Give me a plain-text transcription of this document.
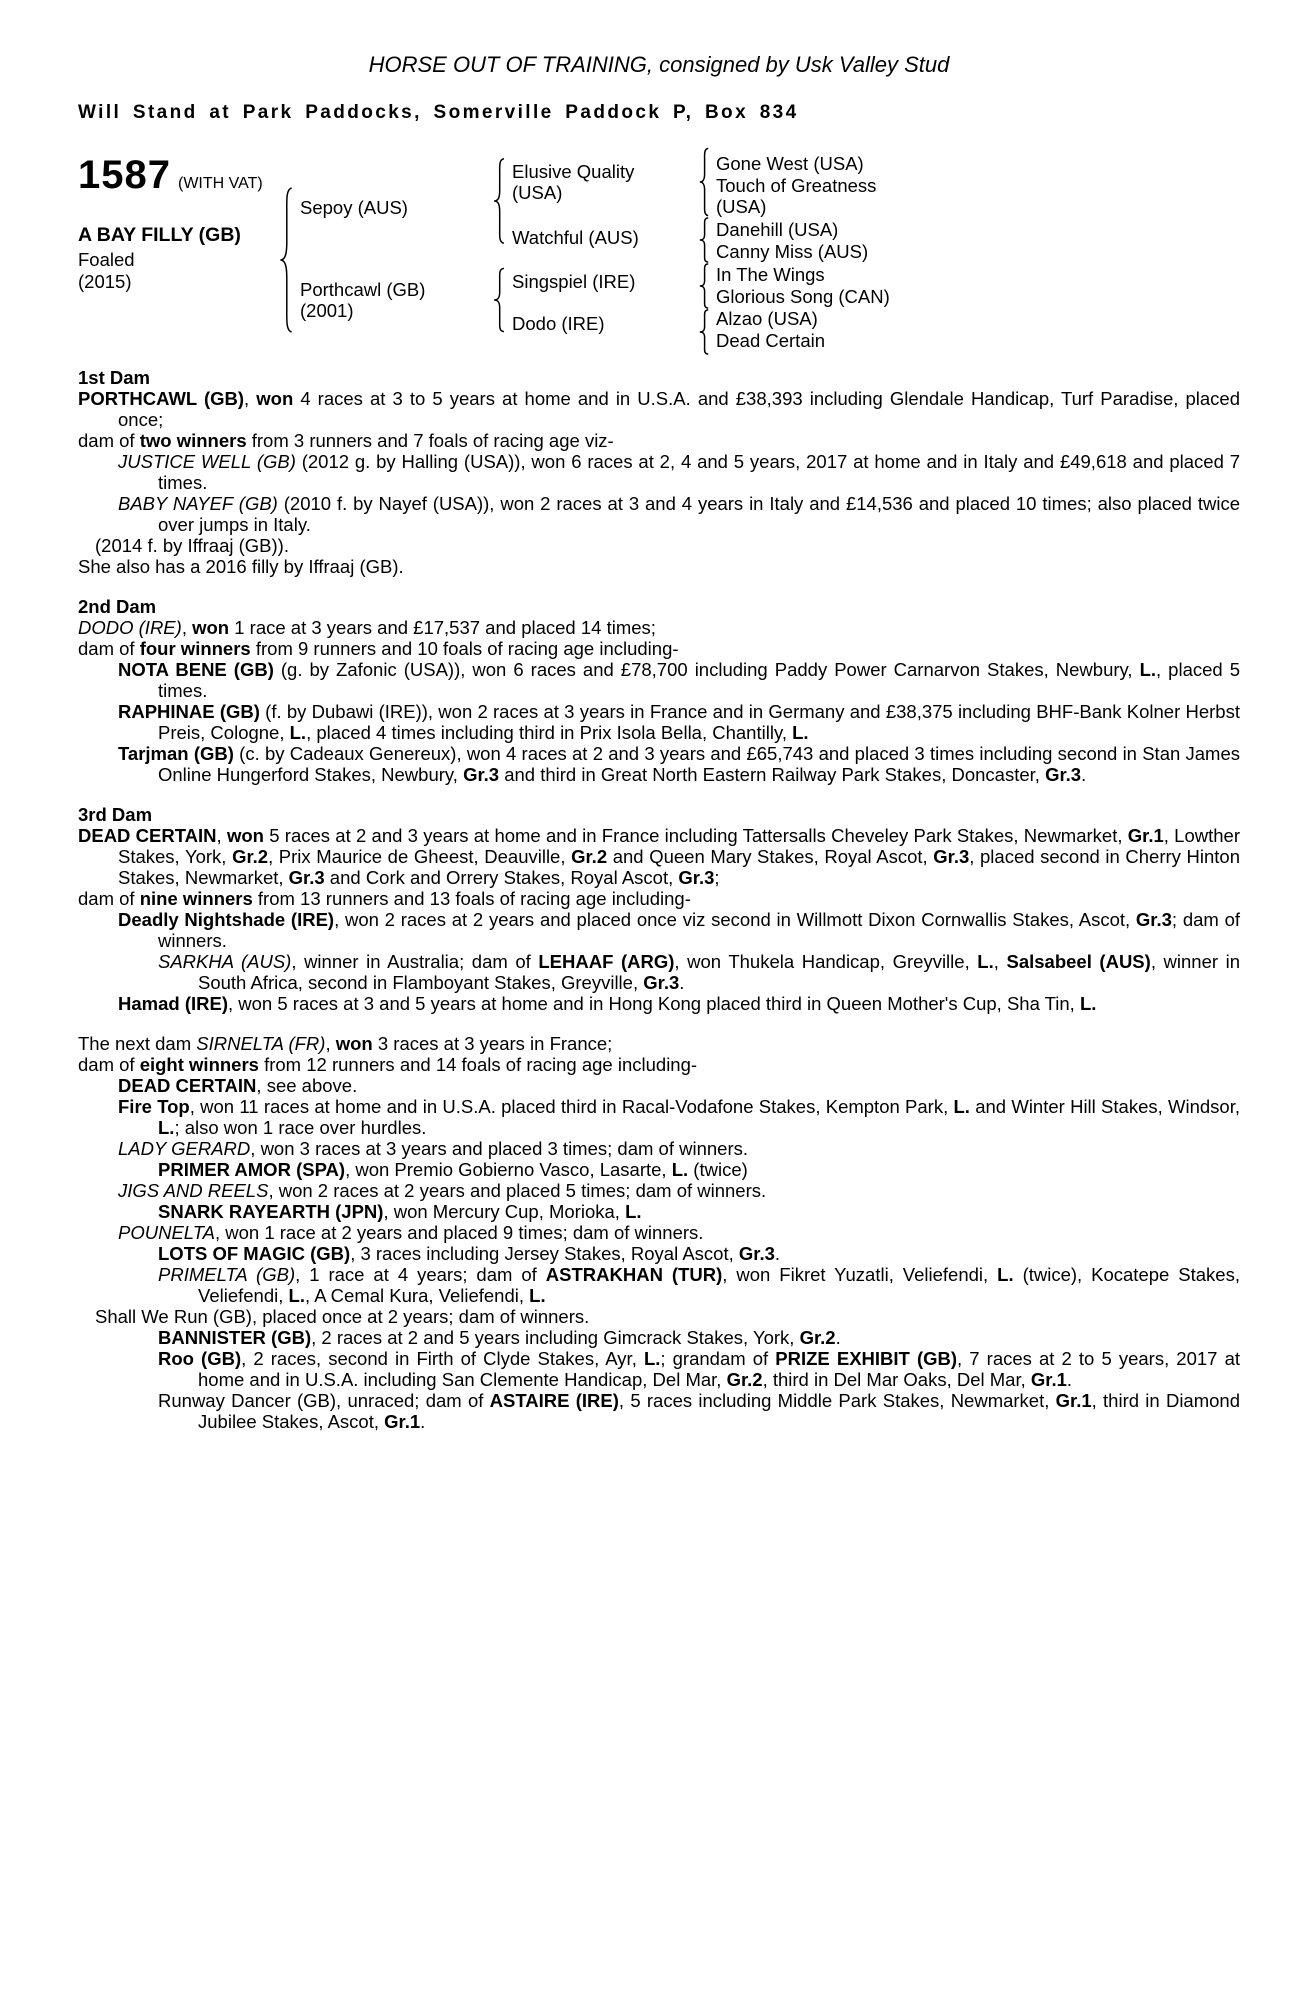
HORSE OUT OF TRAINING, consigned by Usk Valley Stud
Will Stand at Park Paddocks, Somerville Paddock P, Box 834
1587 (WITH VAT)
A BAY FILLY (GB)
Foaled
(2015)
Sepoy (AUS)
Porthcawl (GB)
(2001)
Elusive Quality (USA)
Watchful (AUS)
Singspiel (IRE)
Dodo (IRE)
Gone West (USA)
Touch of Greatness (USA)
Danehill (USA)
Canny Miss (AUS)
In The Wings
Glorious Song (CAN)
Alzao (USA)
Dead Certain
1st Dam

PORTHCAWL (GB), won 4 races at 3 to 5 years at home and in U.S.A. and £38,393 including Glendale Handicap, Turf Paradise, placed once;

dam of two winners from 3 runners and 7 foals of racing age viz-

JUSTICE WELL (GB) (2012 g. by Halling (USA)), won 6 races at 2, 4 and 5 years, 2017 at home and in Italy and £49,618 and placed 7 times.

BABY NAYEF (GB) (2010 f. by Nayef (USA)), won 2 races at 3 and 4 years in Italy and £14,536 and placed 10 times; also placed twice over jumps in Italy.

(2014 f. by Iffraaj (GB)).

She also has a 2016 filly by Iffraaj (GB).

2nd Dam

DODO (IRE), won 1 race at 3 years and £17,537 and placed 14 times;

dam of four winners from 9 runners and 10 foals of racing age including-

NOTA BENE (GB) (g. by Zafonic (USA)), won 6 races and £78,700 including Paddy Power Carnarvon Stakes, Newbury, L., placed 5 times.

RAPHINAE (GB) (f. by Dubawi (IRE)), won 2 races at 3 years in France and in Germany and £38,375 including BHF-Bank Kolner Herbst Preis, Cologne, L., placed 4 times including third in Prix Isola Bella, Chantilly, L.

Tarjman (GB) (c. by Cadeaux Genereux), won 4 races at 2 and 3 years and £65,743 and placed 3 times including second in Stan James Online Hungerford Stakes, Newbury, Gr.3 and third in Great North Eastern Railway Park Stakes, Doncaster, Gr.3.

3rd Dam

DEAD CERTAIN, won 5 races at 2 and 3 years at home and in France including Tattersalls Cheveley Park Stakes, Newmarket, Gr.1, Lowther Stakes, York, Gr.2, Prix Maurice de Gheest, Deauville, Gr.2 and Queen Mary Stakes, Royal Ascot, Gr.3, placed second in Cherry Hinton Stakes, Newmarket, Gr.3 and Cork and Orrery Stakes, Royal Ascot, Gr.3;

dam of nine winners from 13 runners and 13 foals of racing age including-

Deadly Nightshade (IRE), won 2 races at 2 years and placed once viz second in Willmott Dixon Cornwallis Stakes, Ascot, Gr.3; dam of winners.

SARKHA (AUS), winner in Australia; dam of LEHAAF (ARG), won Thukela Handicap, Greyville, L., Salsabeel (AUS), winner in South Africa, second in Flamboyant Stakes, Greyville, Gr.3.

Hamad (IRE), won 5 races at 3 and 5 years at home and in Hong Kong placed third in Queen Mother's Cup, Sha Tin, L.

The next dam SIRNELTA (FR), won 3 races at 3 years in France;

dam of eight winners from 12 runners and 14 foals of racing age including-

DEAD CERTAIN, see above.

Fire Top, won 11 races at home and in U.S.A. placed third in Racal-Vodafone Stakes, Kempton Park, L. and Winter Hill Stakes, Windsor, L.; also won 1 race over hurdles.

LADY GERARD, won 3 races at 3 years and placed 3 times; dam of winners.

PRIMER AMOR (SPA), won Premio Gobierno Vasco, Lasarte, L. (twice)

JIGS AND REELS, won 2 races at 2 years and placed 5 times; dam of winners.

SNARK RAYEARTH (JPN), won Mercury Cup, Morioka, L.

POUNELTA, won 1 race at 2 years and placed 9 times; dam of winners.

LOTS OF MAGIC (GB), 3 races including Jersey Stakes, Royal Ascot, Gr.3.

PRIMELTA (GB), 1 race at 4 years; dam of ASTRAKHAN (TUR), won Fikret Yuzatli, Veliefendi, L. (twice), Kocatepe Stakes, Veliefendi, L., A Cemal Kura, Veliefendi, L.

Shall We Run (GB), placed once at 2 years; dam of winners.

BANNISTER (GB), 2 races at 2 and 5 years including Gimcrack Stakes, York, Gr.2.

Roo (GB), 2 races, second in Firth of Clyde Stakes, Ayr, L.; grandam of PRIZE EXHIBIT (GB), 7 races at 2 to 5 years, 2017 at home and in U.S.A. including San Clemente Handicap, Del Mar, Gr.2, third in Del Mar Oaks, Del Mar, Gr.1.

Runway Dancer (GB), unraced; dam of ASTAIRE (IRE), 5 races including Middle Park Stakes, Newmarket, Gr.1, third in Diamond Jubilee Stakes, Ascot, Gr.1.
